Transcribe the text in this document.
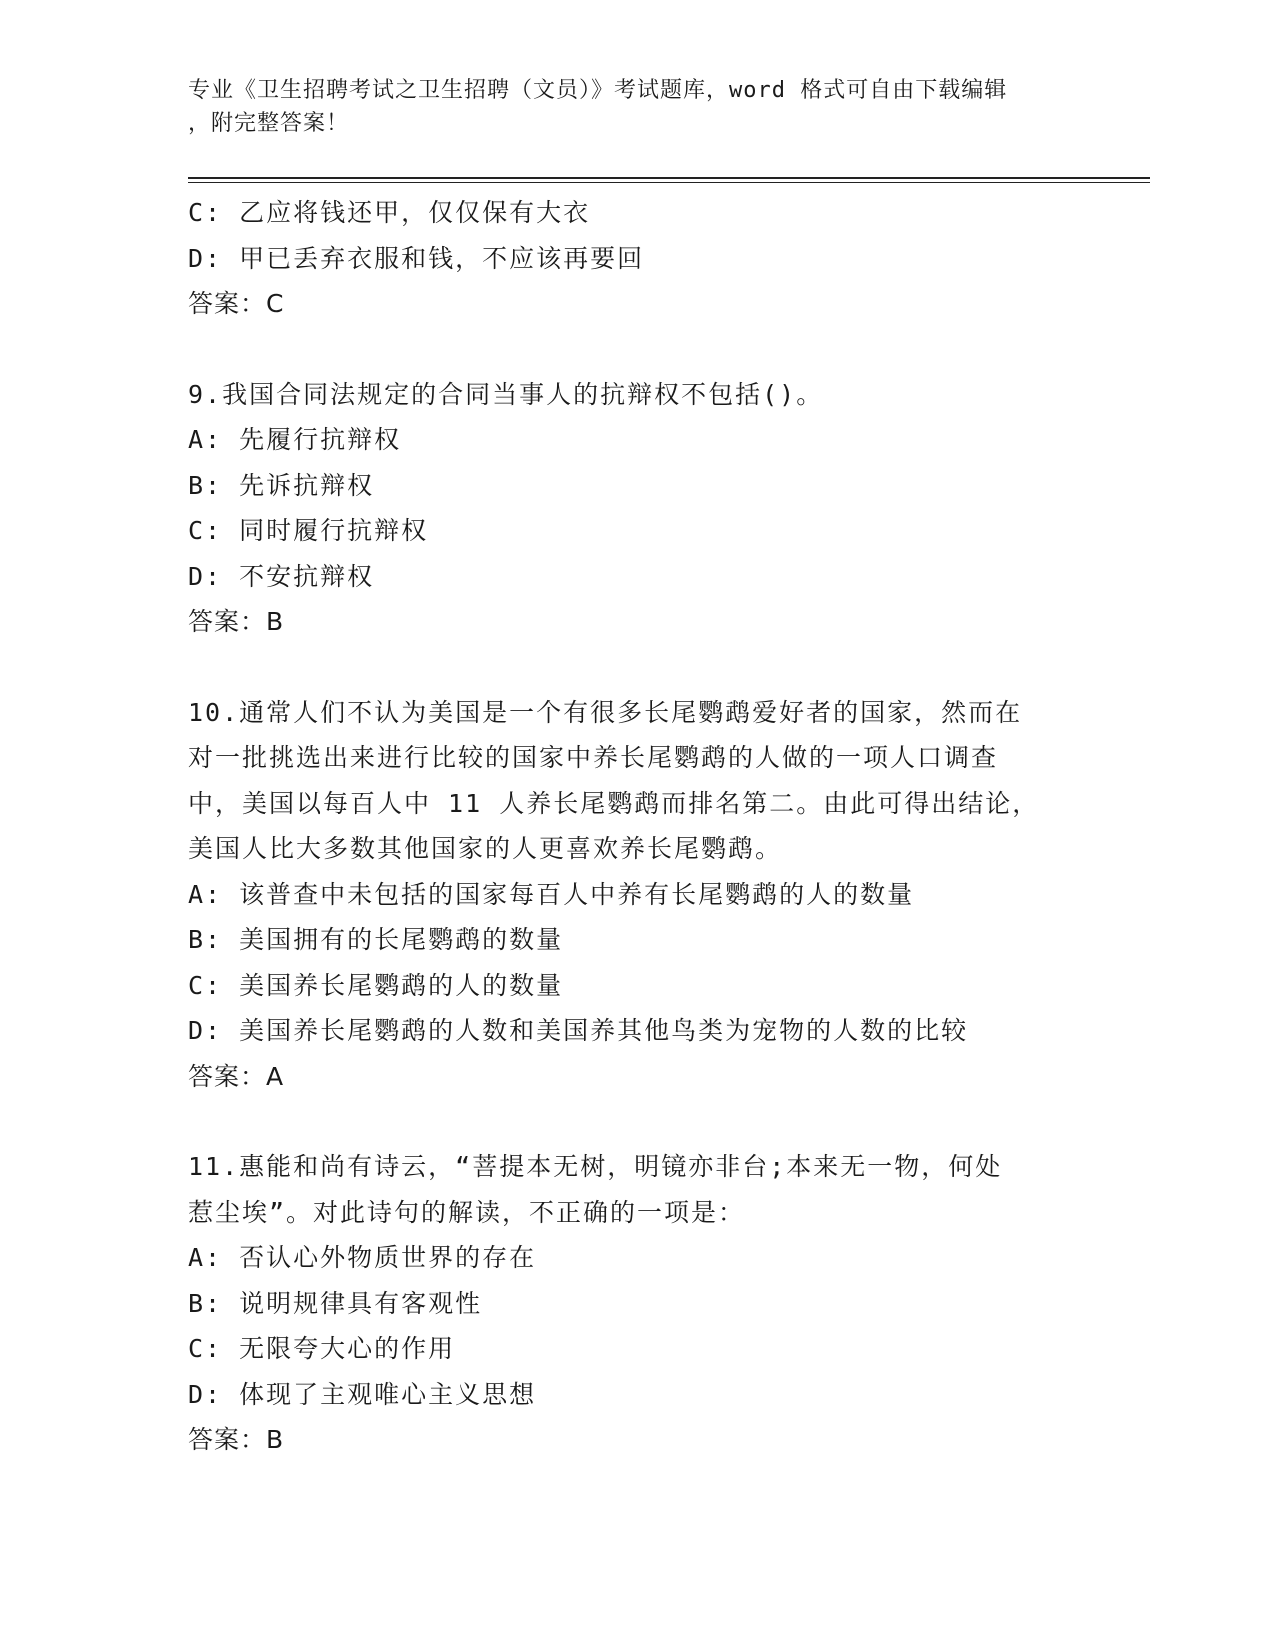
专业《卫生招聘考试之卫生招聘（文员）》考试题库，word 格式可自由下载编辑
，附完整答案！
C: 乙应将钱还甲，仅仅保有大衣
D: 甲已丢弃衣服和钱，不应该再要回
答案：C
9.我国合同法规定的合同当事人的抗辩权不包括()。
A: 先履行抗辩权
B: 先诉抗辩权
C: 同时履行抗辩权
D: 不安抗辩权
答案：B
10.通常人们不认为美国是一个有很多长尾鹦鹉爱好者的国家，然而在
对一批挑选出来进行比较的国家中养长尾鹦鹉的人做的一项人口调查
中，美国以每百人中 11 人养长尾鹦鹉而排名第二。由此可得出结论，
美国人比大多数其他国家的人更喜欢养长尾鹦鹉。
A: 该普查中未包括的国家每百人中养有长尾鹦鹉的人的数量
B: 美国拥有的长尾鹦鹉的数量
C: 美国养长尾鹦鹉的人的数量
D: 美国养长尾鹦鹉的人数和美国养其他鸟类为宠物的人数的比较
答案：A
11.惠能和尚有诗云，“菩提本无树，明镜亦非台;本来无一物，何处
惹尘埃”。对此诗句的解读，不正确的一项是：
A: 否认心外物质世界的存在
B: 说明规律具有客观性
C: 无限夸大心的作用
D: 体现了主观唯心主义思想
答案：B
